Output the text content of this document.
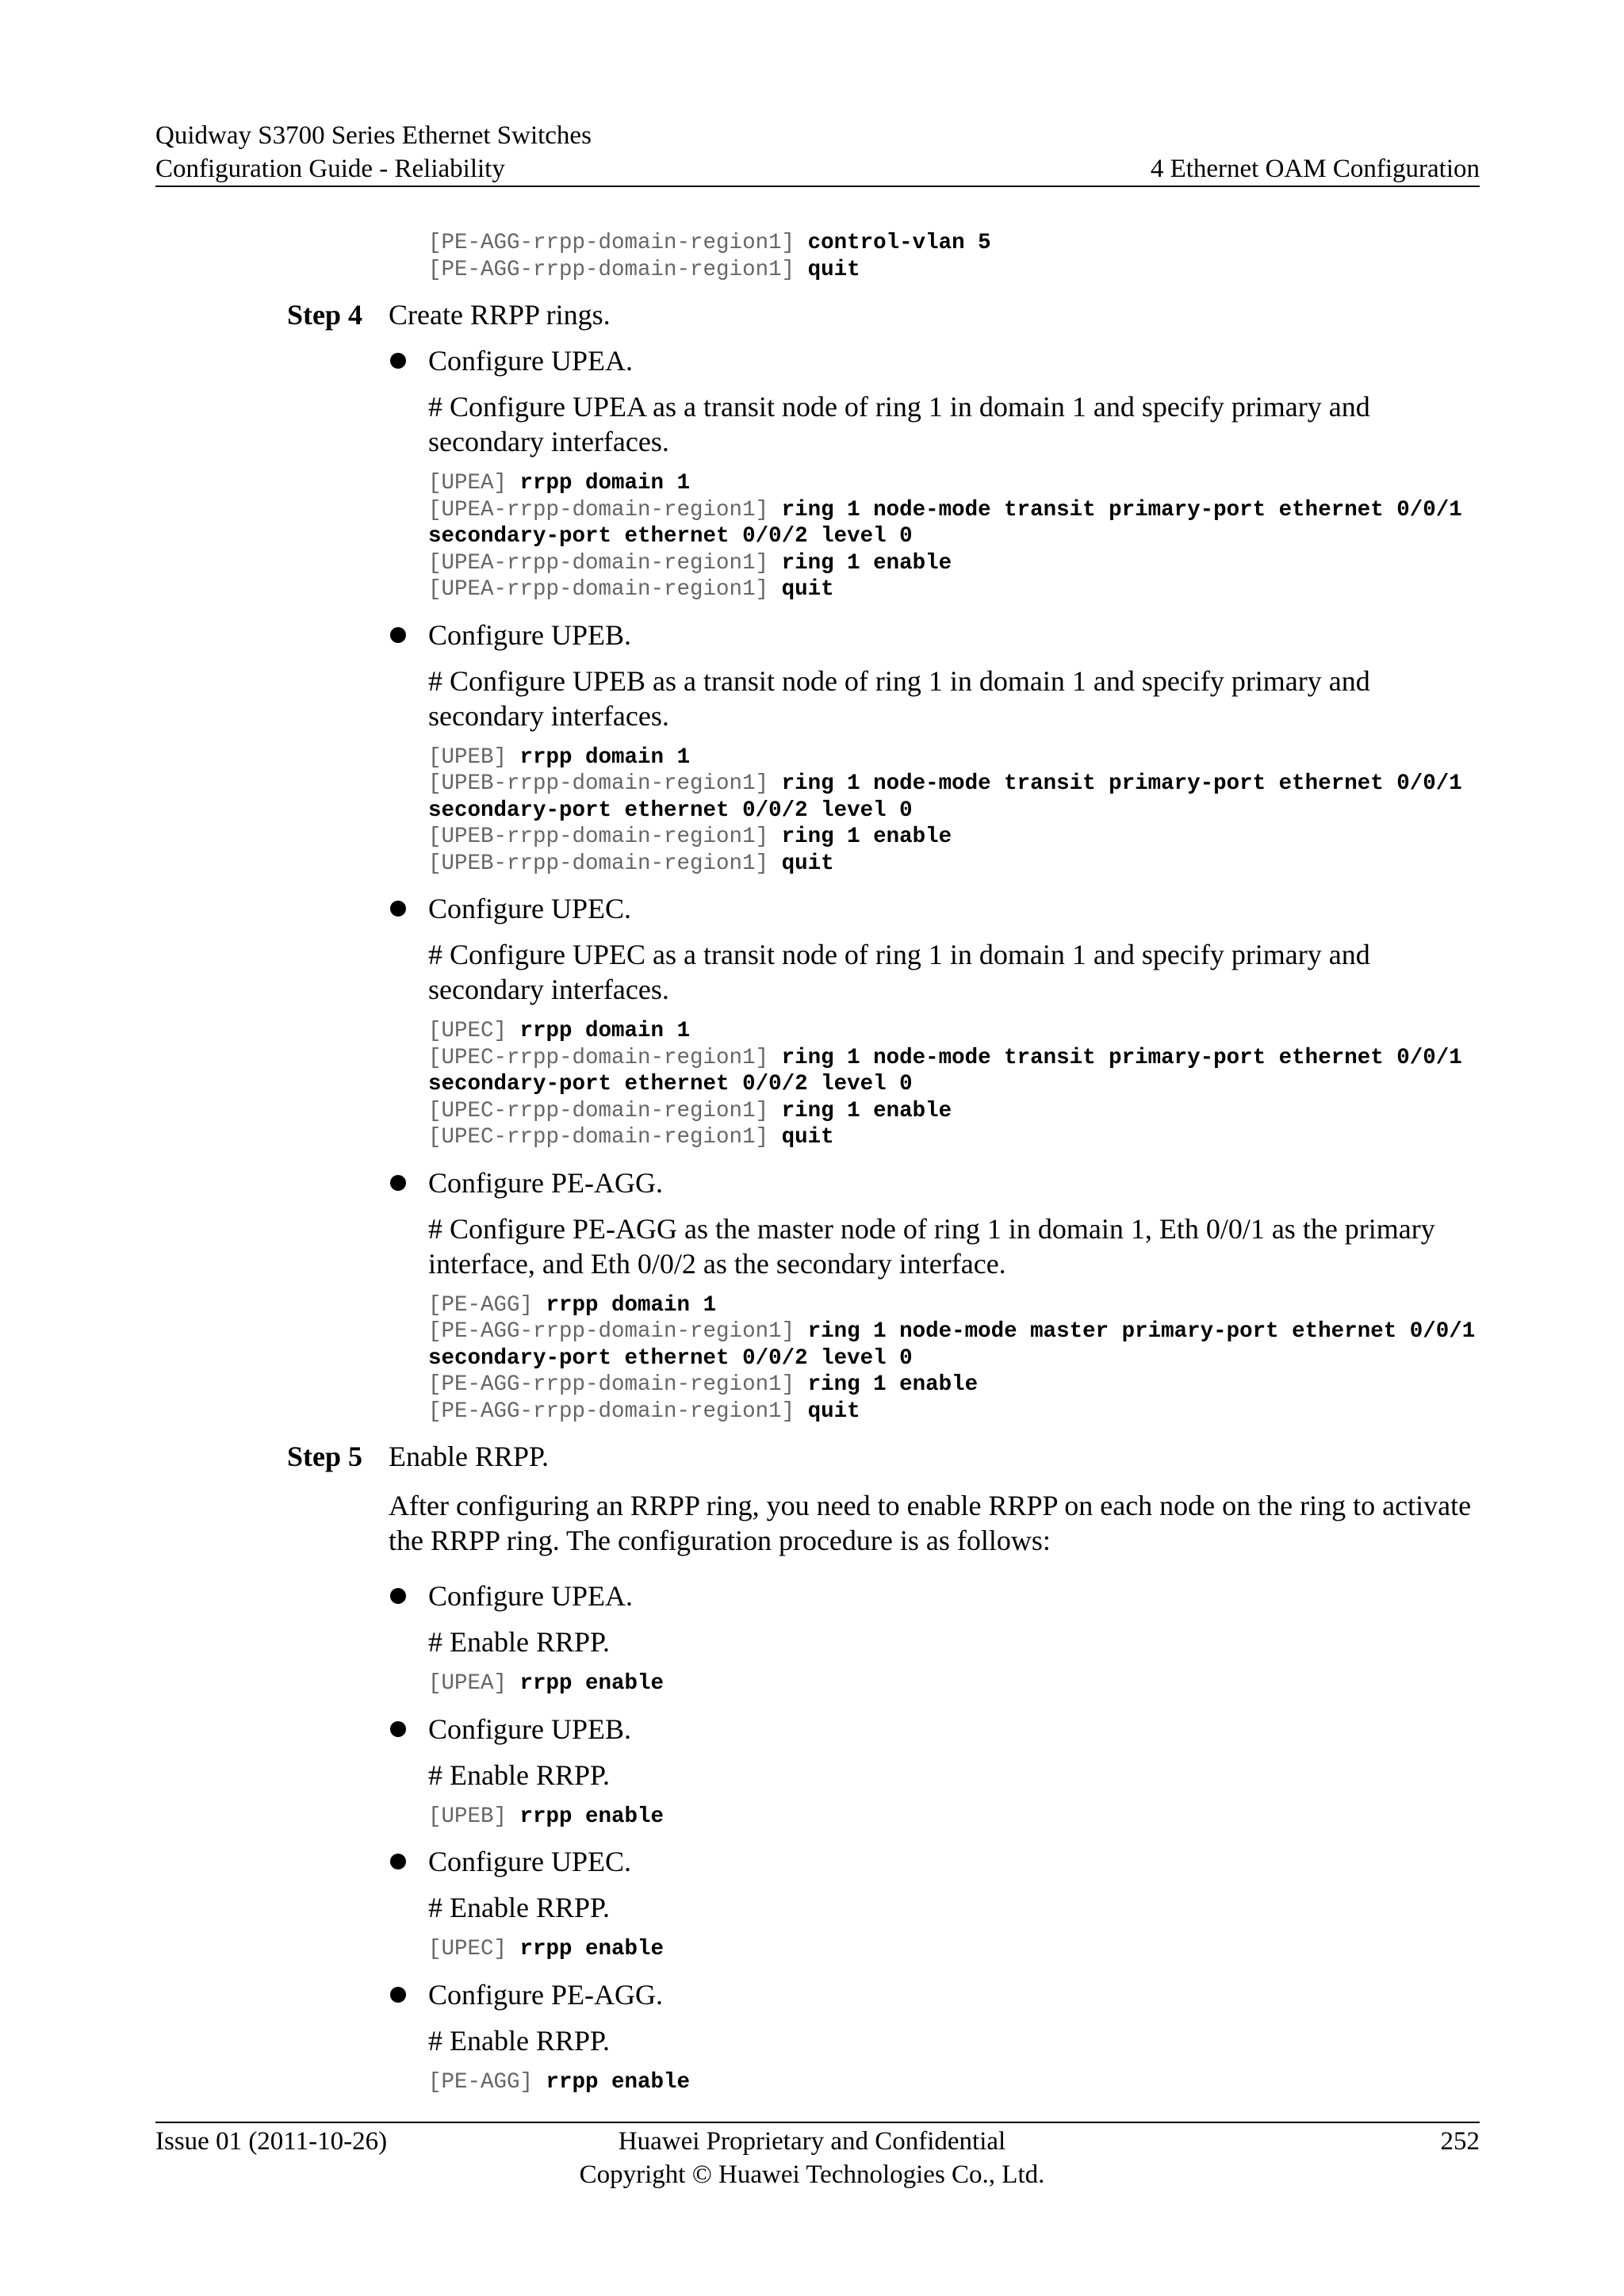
Quidway S3700 Series Ethernet Switches
Configuration Guide - Reliability	4 Ethernet OAM Configuration
[PE-AGG-rrpp-domain-region1] control-vlan 5
[PE-AGG-rrpp-domain-region1] quit
Step 4 Create RRPP rings.
Configure UPEA.
# Configure UPEA as a transit node of ring 1 in domain 1 and specify primary and secondary interfaces.
[UPEA] rrpp domain 1
[UPEA-rrpp-domain-region1] ring 1 node-mode transit primary-port ethernet 0/0/1
secondary-port ethernet 0/0/2 level 0
[UPEA-rrpp-domain-region1] ring 1 enable
[UPEA-rrpp-domain-region1] quit
Configure UPEB.
# Configure UPEB as a transit node of ring 1 in domain 1 and specify primary and secondary interfaces.
[UPEB] rrpp domain 1
[UPEB-rrpp-domain-region1] ring 1 node-mode transit primary-port ethernet 0/0/1
secondary-port ethernet 0/0/2 level 0
[UPEB-rrpp-domain-region1] ring 1 enable
[UPEB-rrpp-domain-region1] quit
Configure UPEC.
# Configure UPEC as a transit node of ring 1 in domain 1 and specify primary and secondary interfaces.
[UPEC] rrpp domain 1
[UPEC-rrpp-domain-region1] ring 1 node-mode transit primary-port ethernet 0/0/1
secondary-port ethernet 0/0/2 level 0
[UPEC-rrpp-domain-region1] ring 1 enable
[UPEC-rrpp-domain-region1] quit
Configure PE-AGG.
# Configure PE-AGG as the master node of ring 1 in domain 1, Eth 0/0/1 as the primary interface, and Eth 0/0/2 as the secondary interface.
[PE-AGG] rrpp domain 1
[PE-AGG-rrpp-domain-region1] ring 1 node-mode master primary-port ethernet 0/0/1
secondary-port ethernet 0/0/2 level 0
[PE-AGG-rrpp-domain-region1] ring 1 enable
[PE-AGG-rrpp-domain-region1] quit
Step 5 Enable RRPP.
After configuring an RRPP ring, you need to enable RRPP on each node on the ring to activate the RRPP ring. The configuration procedure is as follows:
Configure UPEA.
# Enable RRPP.
[UPEA] rrpp enable
Configure UPEB.
# Enable RRPP.
[UPEB] rrpp enable
Configure UPEC.
# Enable RRPP.
[UPEC] rrpp enable
Configure PE-AGG.
# Enable RRPP.
[PE-AGG] rrpp enable
Issue 01 (2011-10-26)	Huawei Proprietary and Confidential
Copyright © Huawei Technologies Co., Ltd.
252
